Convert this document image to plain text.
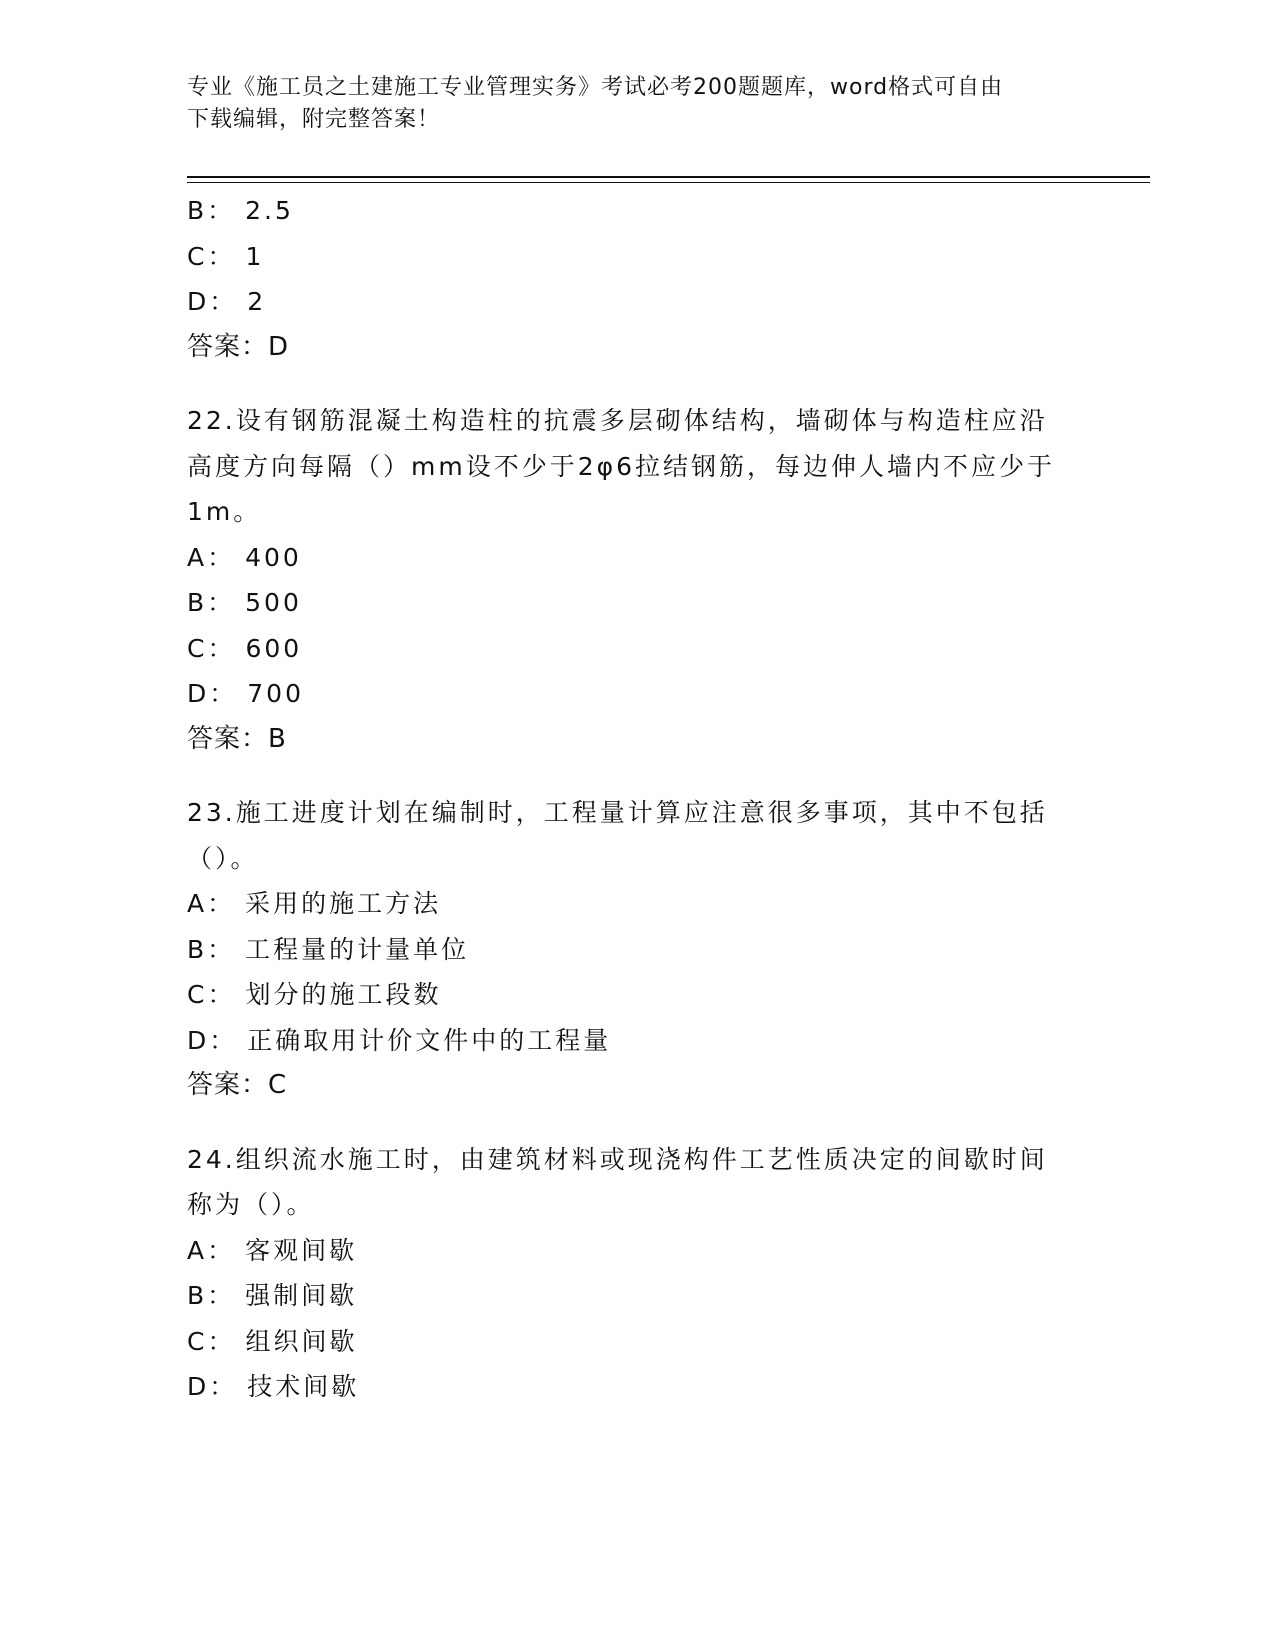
专业《施工员之土建施工专业管理实务》考试必考200题题库，word格式可自由
下载编辑，附完整答案！
B： 2.5
C： 1
D： 2
答案：D
22.设有钢筋混凝土构造柱的抗震多层砌体结构，墙砌体与构造柱应沿
高度方向每隔（）mm设不少于2φ6拉结钢筋，每边伸人墙内不应少于
1m。
A： 400
B： 500
C： 600
D： 700
答案：B
23.施工进度计划在编制时，工程量计算应注意很多事项，其中不包括
（）。
A： 采用的施工方法
B： 工程量的计量单位
C： 划分的施工段数
D： 正确取用计价文件中的工程量
答案：C
24.组织流水施工时，由建筑材料或现浇构件工艺性质决定的间歇时间
称为（）。
A： 客观间歇
B： 强制间歇
C： 组织间歇
D： 技术间歇
